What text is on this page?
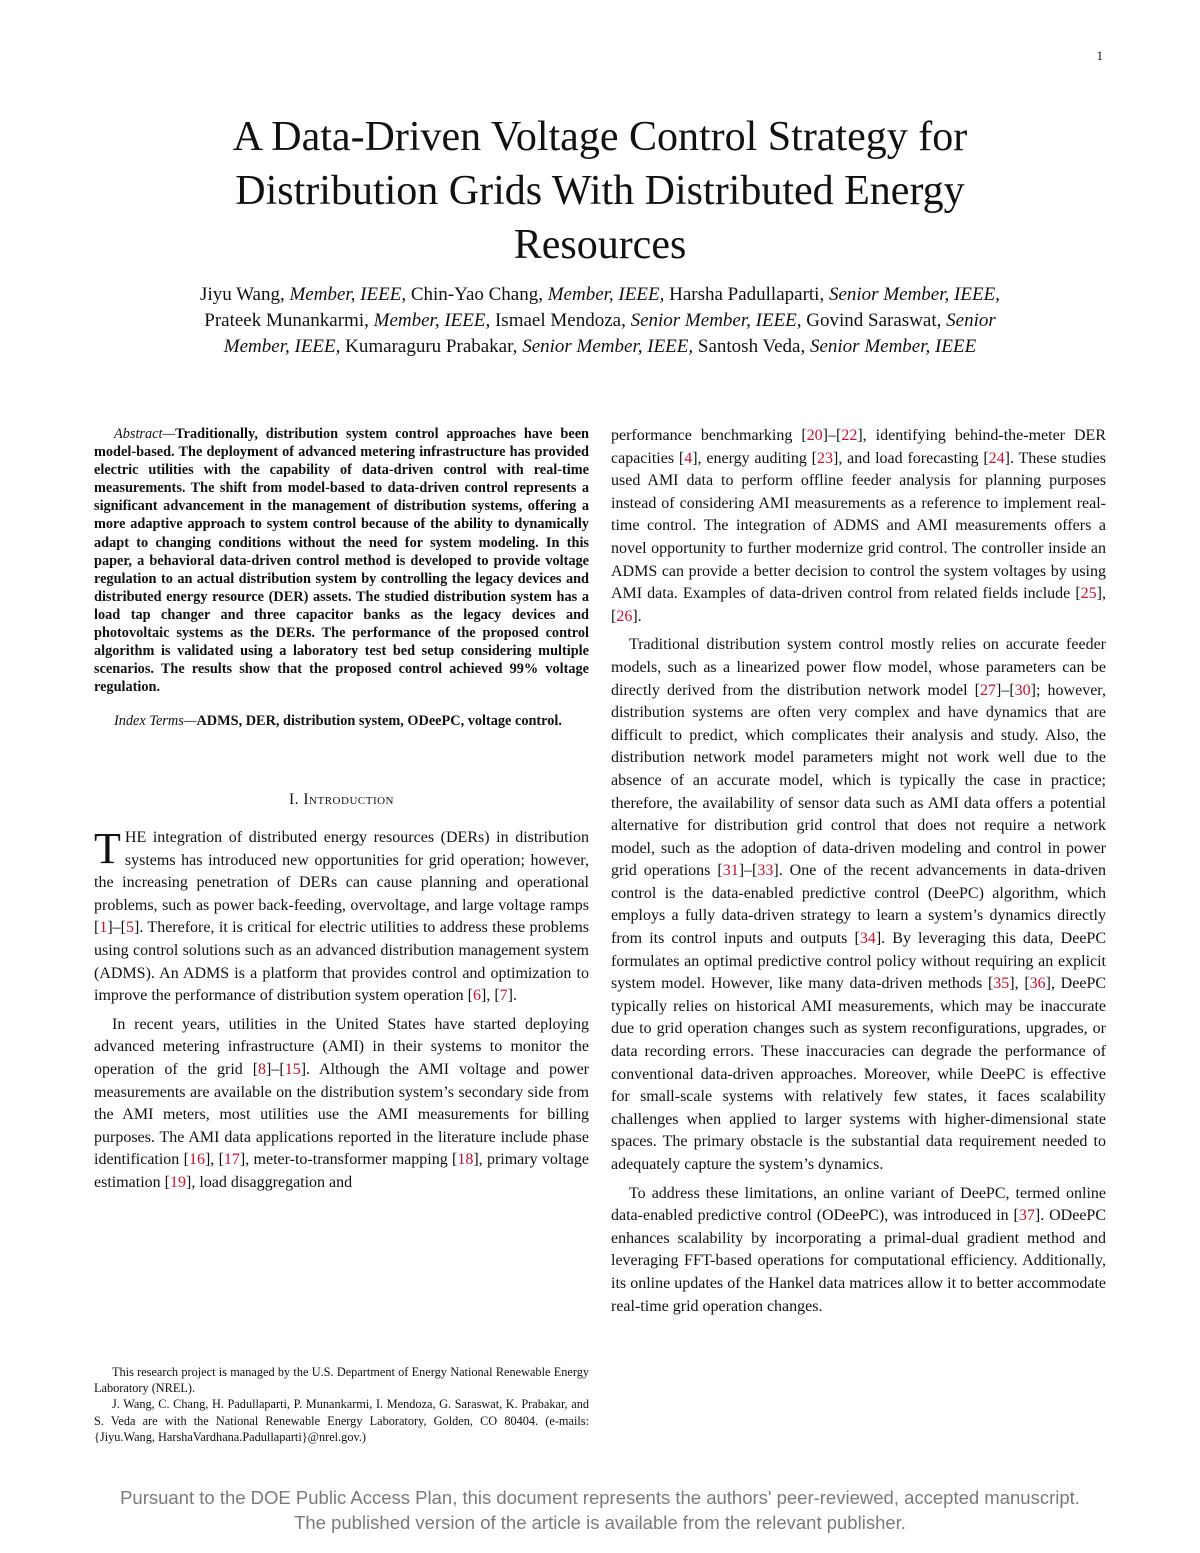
1
A Data-Driven Voltage Control Strategy for
Distribution Grids With Distributed Energy
Resources
Jiyu Wang, Member, IEEE, Chin-Yao Chang, Member, IEEE, Harsha Padullaparti, Senior Member, IEEE,
Prateek Munankarmi, Member, IEEE, Ismael Mendoza, Senior Member, IEEE, Govind Saraswat, Senior
Member, IEEE, Kumaraguru Prabakar, Senior Member, IEEE, Santosh Veda, Senior Member, IEEE

Abstract—Traditionally, distribution system control approaches have been model-based. The deployment of advanced metering infrastructure has provided electric utilities with the capability of data-driven control with real-time measurements. The shift from model-based to data-driven control represents a significant advancement in the management of distribution systems, offering a more adaptive approach to system control because of the ability to dynamically adapt to changing conditions without the need for system modeling. In this paper, a behavioral data-driven control method is developed to provide voltage regulation to an actual distribution system by controlling the legacy devices and distributed energy resource (DER) assets. The studied distribution system has a load tap changer and three capacitor banks as the legacy devices and photovoltaic systems as the DERs. The performance of the proposed control algorithm is validated using a laboratory test bed setup considering multiple scenarios. The results show that the proposed control achieved 99% voltage regulation.

Index Terms—ADMS, DER, distribution system, ODeePC, voltage control.

I. Introduction

THE integration of distributed energy resources (DERs) in distribution systems has introduced new opportunities for grid operation; however, the increasing penetration of DERs can cause planning and operational problems, such as power back-feeding, overvoltage, and large voltage ramps [1]–[5]. Therefore, it is critical for electric utilities to address these problems using control solutions such as an advanced distribution management system (ADMS). An ADMS is a platform that provides control and optimization to improve the performance of distribution system operation [6], [7].

In recent years, utilities in the United States have started deploying advanced metering infrastructure (AMI) in their systems to monitor the operation of the grid [8]–[15]. Although the AMI voltage and power measurements are available on the distribution system’s secondary side from the AMI meters, most utilities use the AMI measurements for billing purposes. The AMI data applications reported in the literature include phase identification [16], [17], meter-to-transformer mapping [18], primary voltage estimation [19], load disaggregation and

This research project is managed by the U.S. Department of Energy National Renewable Energy Laboratory (NREL).

J. Wang, C. Chang, H. Padullaparti, P. Munankarmi, I. Mendoza, G. Saraswat, K. Prabakar, and S. Veda are with the National Renewable Energy Laboratory, Golden, CO 80404. (e-mails: {Jiyu.Wang, HarshaVardhana.Padullaparti}@nrel.gov.)

performance benchmarking [20]–[22], identifying behind-the-meter DER capacities [4], energy auditing [23], and load forecasting [24]. These studies used AMI data to perform offline feeder analysis for planning purposes instead of considering AMI measurements as a reference to implement real-time control. The integration of ADMS and AMI measurements offers a novel opportunity to further modernize grid control. The controller inside an ADMS can provide a better decision to control the system voltages by using AMI data. Examples of data-driven control from related fields include [25], [26].

Traditional distribution system control mostly relies on accurate feeder models, such as a linearized power flow model, whose parameters can be directly derived from the distribution network model [27]–[30]; however, distribution systems are often very complex and have dynamics that are difficult to predict, which complicates their analysis and study. Also, the distribution network model parameters might not work well due to the absence of an accurate model, which is typically the case in practice; therefore, the availability of sensor data such as AMI data offers a potential alternative for distribution grid control that does not require a network model, such as the adoption of data-driven modeling and control in power grid operations [31]–[33]. One of the recent advancements in data-driven control is the data-enabled predictive control (DeePC) algorithm, which employs a fully data-driven strategy to learn a system’s dynamics directly from its control inputs and outputs [34]. By leveraging this data, DeePC formulates an optimal predictive control policy without requiring an explicit system model. However, like many data-driven methods [35], [36], DeePC typically relies on historical AMI measurements, which may be inaccurate due to grid operation changes such as system reconfigurations, upgrades, or data recording errors. These inaccuracies can degrade the performance of conventional data-driven approaches. Moreover, while DeePC is effective for small-scale systems with relatively few states, it faces scalability challenges when applied to larger systems with higher-dimensional state spaces. The primary obstacle is the substantial data requirement needed to adequately capture the system’s dynamics.

To address these limitations, an online variant of DeePC, termed online data-enabled predictive control (ODeePC), was introduced in [37]. ODeePC enhances scalability by incorporating a primal-dual gradient method and leveraging FFT-based operations for computational efficiency. Additionally, its online updates of the Hankel data matrices allow it to better accommodate real-time grid operation changes.

Pursuant to the DOE Public Access Plan, this document represents the authors' peer-reviewed, accepted manuscript.
The published version of the article is available from the relevant publisher.
